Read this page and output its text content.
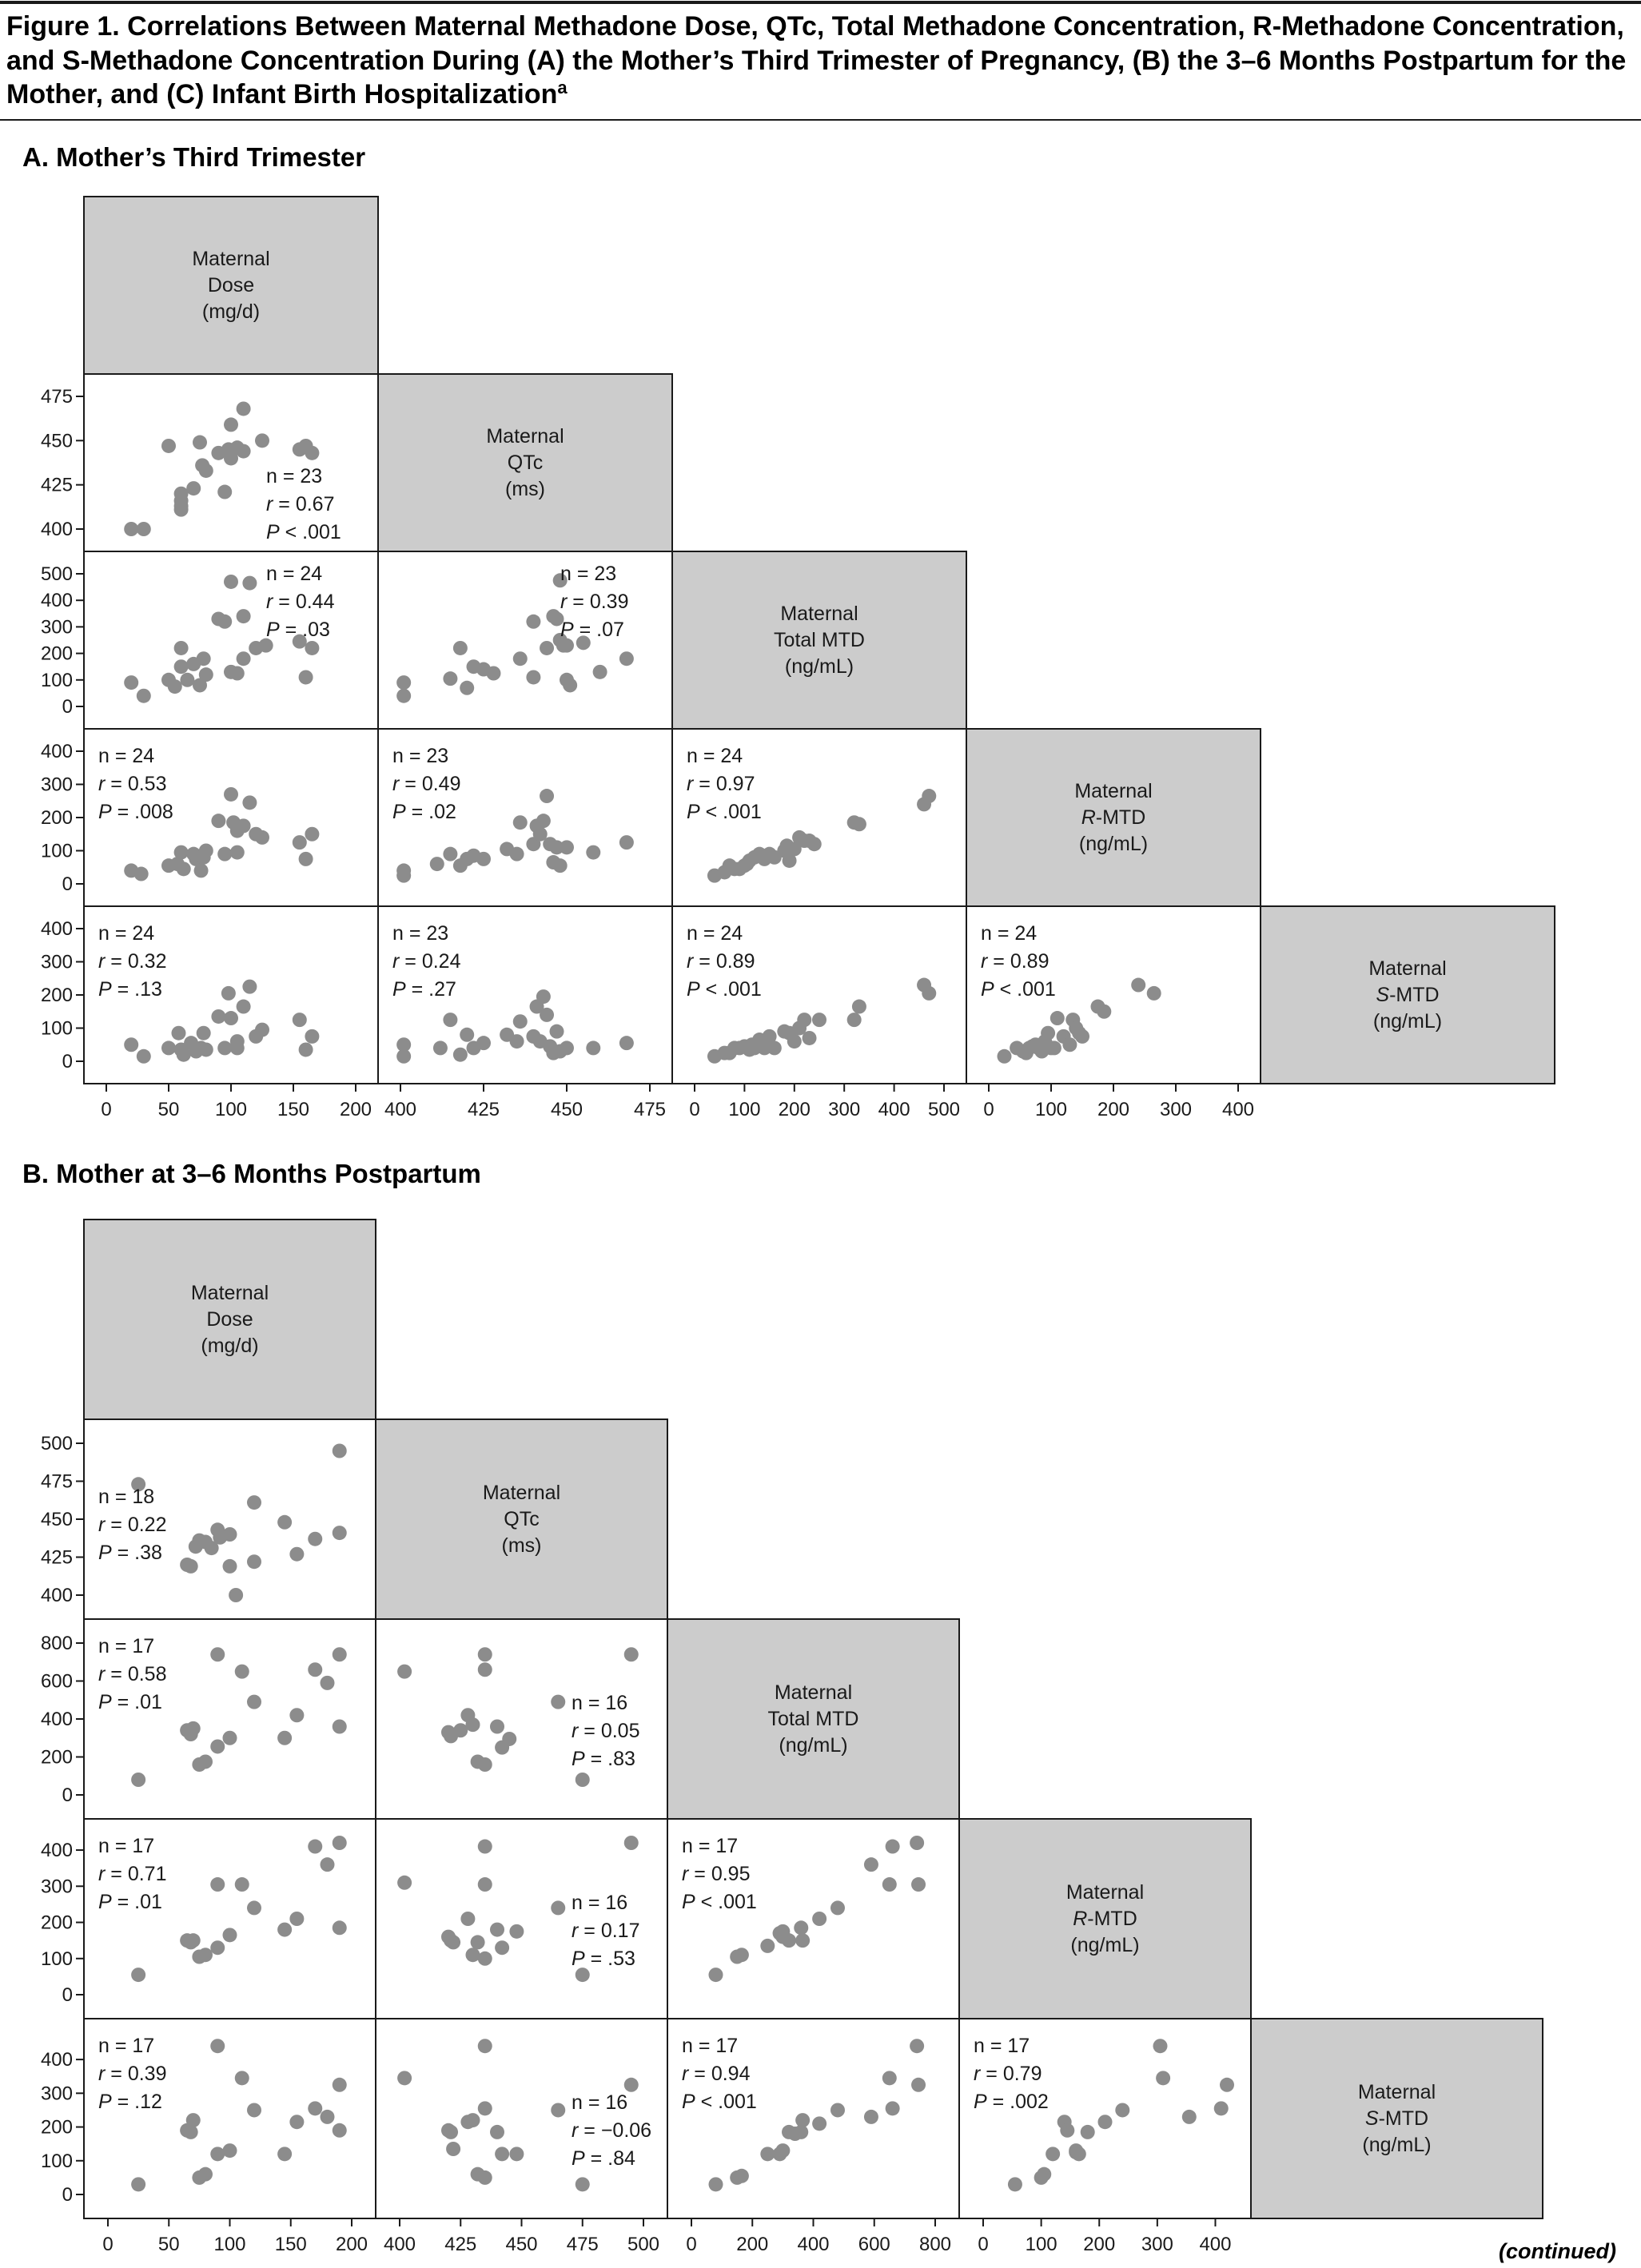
Figure 1. Correlations Between Maternal Methadone Dose, QTc, Total Methadone Concentration, R-Methadone Concentration,
and S-Methadone Concentration During (A) the Mother’s Third Trimester of Pregnancy, (B) the 3–6 Months Postpartum for the
Mother, and (C) Infant Birth Hospitalization$^a$
A. Mother’s Third Trimester
Maternal
Dose
(mg/d)
Maternal
QTc
(ms)
Maternal
Total MTD
(ng/mL)
Maternal
R-MTD
(ng/mL)
Maternal
S-MTD
(ng/mL)
n = 23
r = 0.67
P < .001
n = 24
r = 0.44
P = .03
n = 24
r = 0.53
P = .008
n = 24
r = 0.32
P = .13
n = 23
r = 0.39
P = .07
n = 23
r = 0.49
P = .02
n = 23
r = 0.24
P = .27
n = 24
r = 0.97
P < .001
n = 24
r = 0.89
P < .001
n = 24
r = 0.89
P < .001
400
425
450
475
0
100
200
300
400
500
0
100
200
300
400
0
100
200
300
400
0 50 100 150 200 400	425	450	475 0 100 200 300 400 500 0 100 200 300 400
B. Mother at 3–6 Months Postpartum
Maternal
Dose
(mg/d)
Maternal
QTc
(ms)
Maternal
Total MTD
(ng/mL)
Maternal
R-MTD
(ng/mL)
Maternal
S-MTD
(ng/mL)
n = 18
r = 0.22
P = .38
n = 17
r = 0.58
P = .01
n = 17
r = 0.71
P = .01
n = 17
r = 0.39
P = .12
n = 16
r = 0.05
P = .83
n = 16
r = 0.17
P = .53
n = 16
r = −0.06
P = .84
n = 17
r = 0.95
P < .001
n = 17
r = 0.94
P < .001
n = 17
r = 0.79
P = .002
400
425
450
475
500
0
200
400
600
800
0
100
200
300
400
0
100
200
300
400
0 50 100 150 200 400 425 450 475 500 0 200 400 600 800 0 100 200 300 400	(continued)
